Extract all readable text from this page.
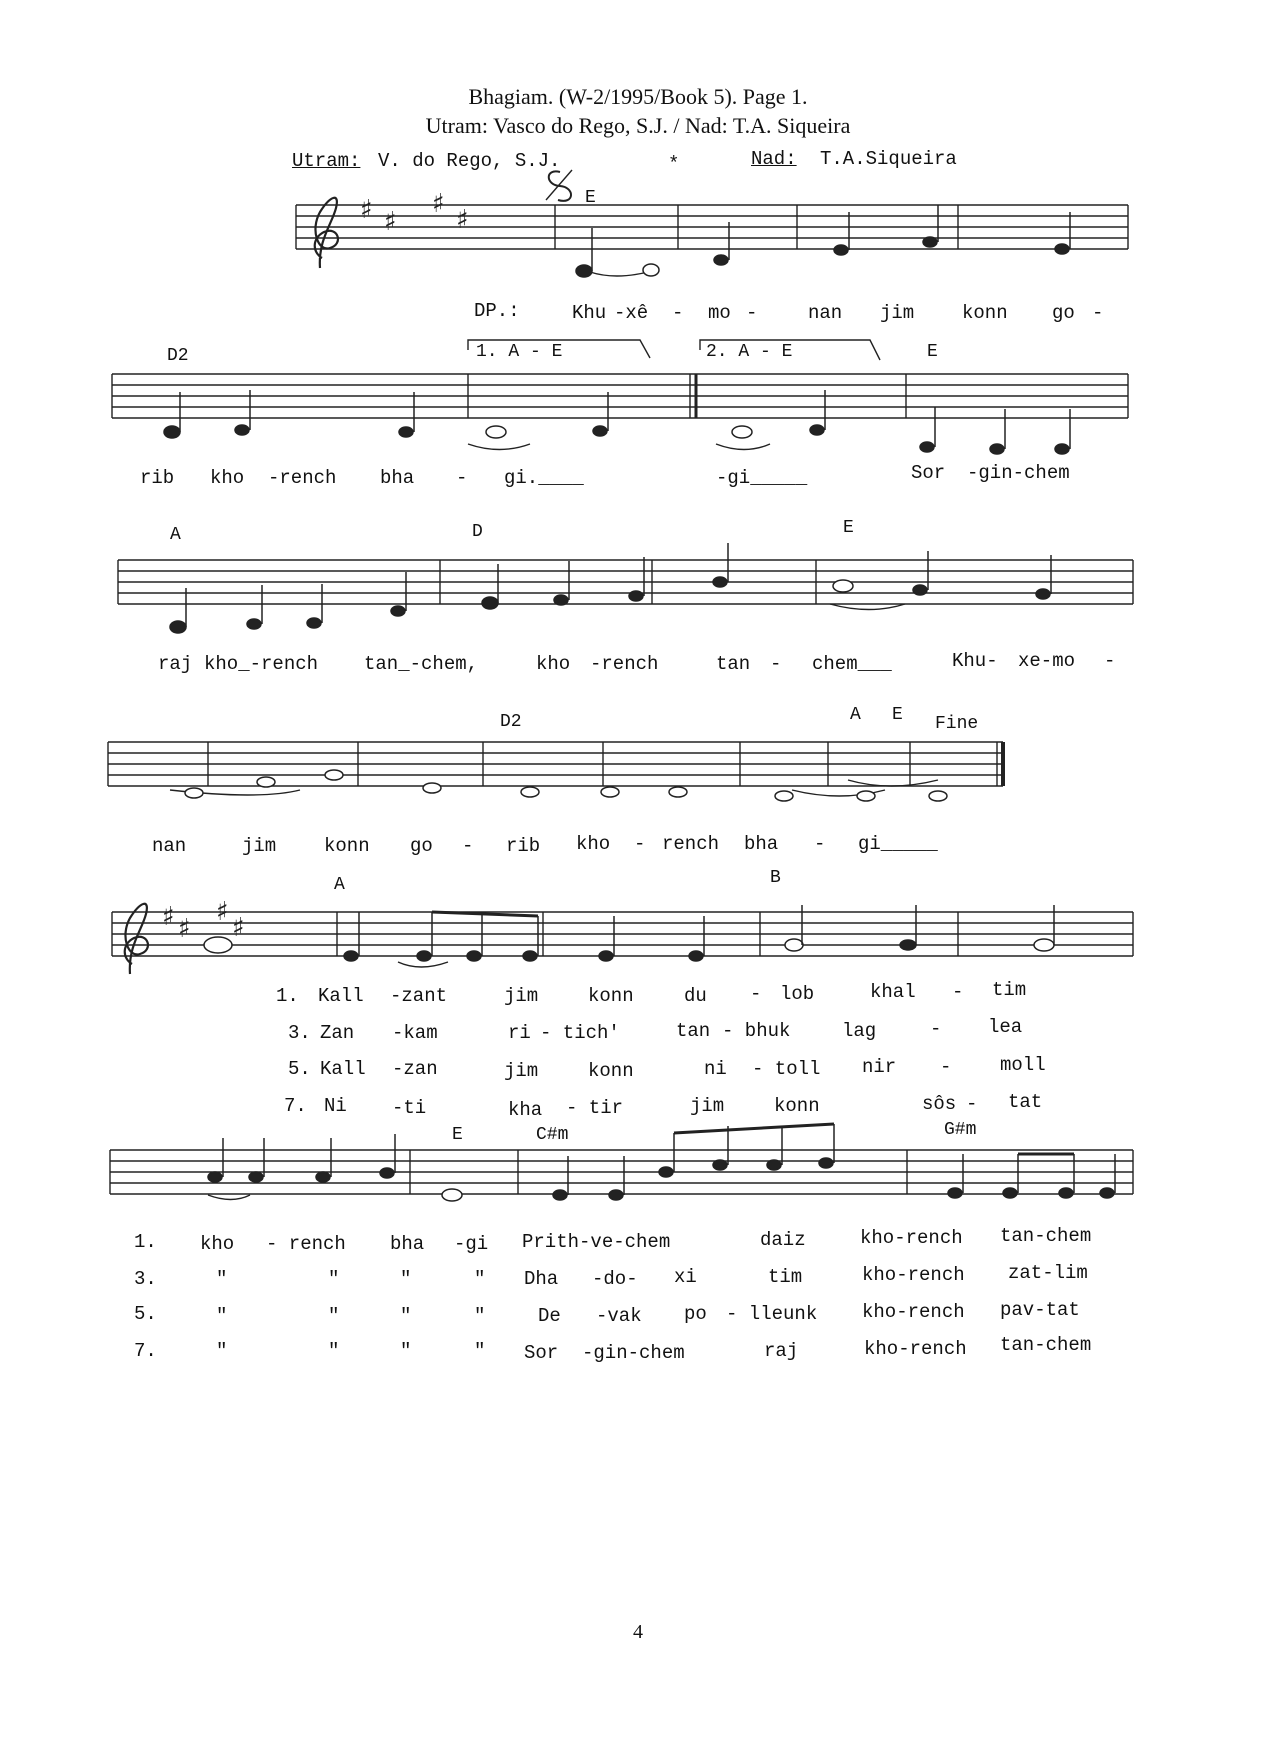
Bhagiam. (W-2/1995/Book 5). Page 1.
Utram: Vasco do Rego, S.J. / Nad: T.A. Siqueira
Utram: V. do Rego, S.J.	*	Nad: T.A.Siqueira
♯ ♯
♯
♯
♯ ♯
♯
♯
E
DP.:	Khu -xê - mo -	nan jim	konn go -
D2	1. A - E	2. A - E	E
rib kho -rench bha - gi.____	-gi_____	Sor -gin-chem
A	D	E
raj kho_-rench tan_-chem,	kho -rench	tan - chem___	Khu- xe-mo -
D2	A E Fine
nan	jim	konn go - rib kho - rench bha - gi_____
A	B
1. Kall -zant	jim	konn	du - lob	khal - tim
3. Zan -kam	ri - tich'	tan - bhuk	lag	- lea
5. Kall -zan	jim	konn	ni - toll nir -	moll
7. Ni -ti	kha - tir	jim	konn	sôs - tat
E	C#m	G#m
1. kho - rench bha -gi Prith-ve-chem	daiz	kho-rench tan-chem
3.	"	"	"	" Dha -do- xi	tim	kho-rench zat-lim
5.	"	"	"	"	De -vak po - lleunk kho-rench pav-tat
7.	"	"	"	" Sor -gin-chem	raj	kho-rench tan-chem
4
